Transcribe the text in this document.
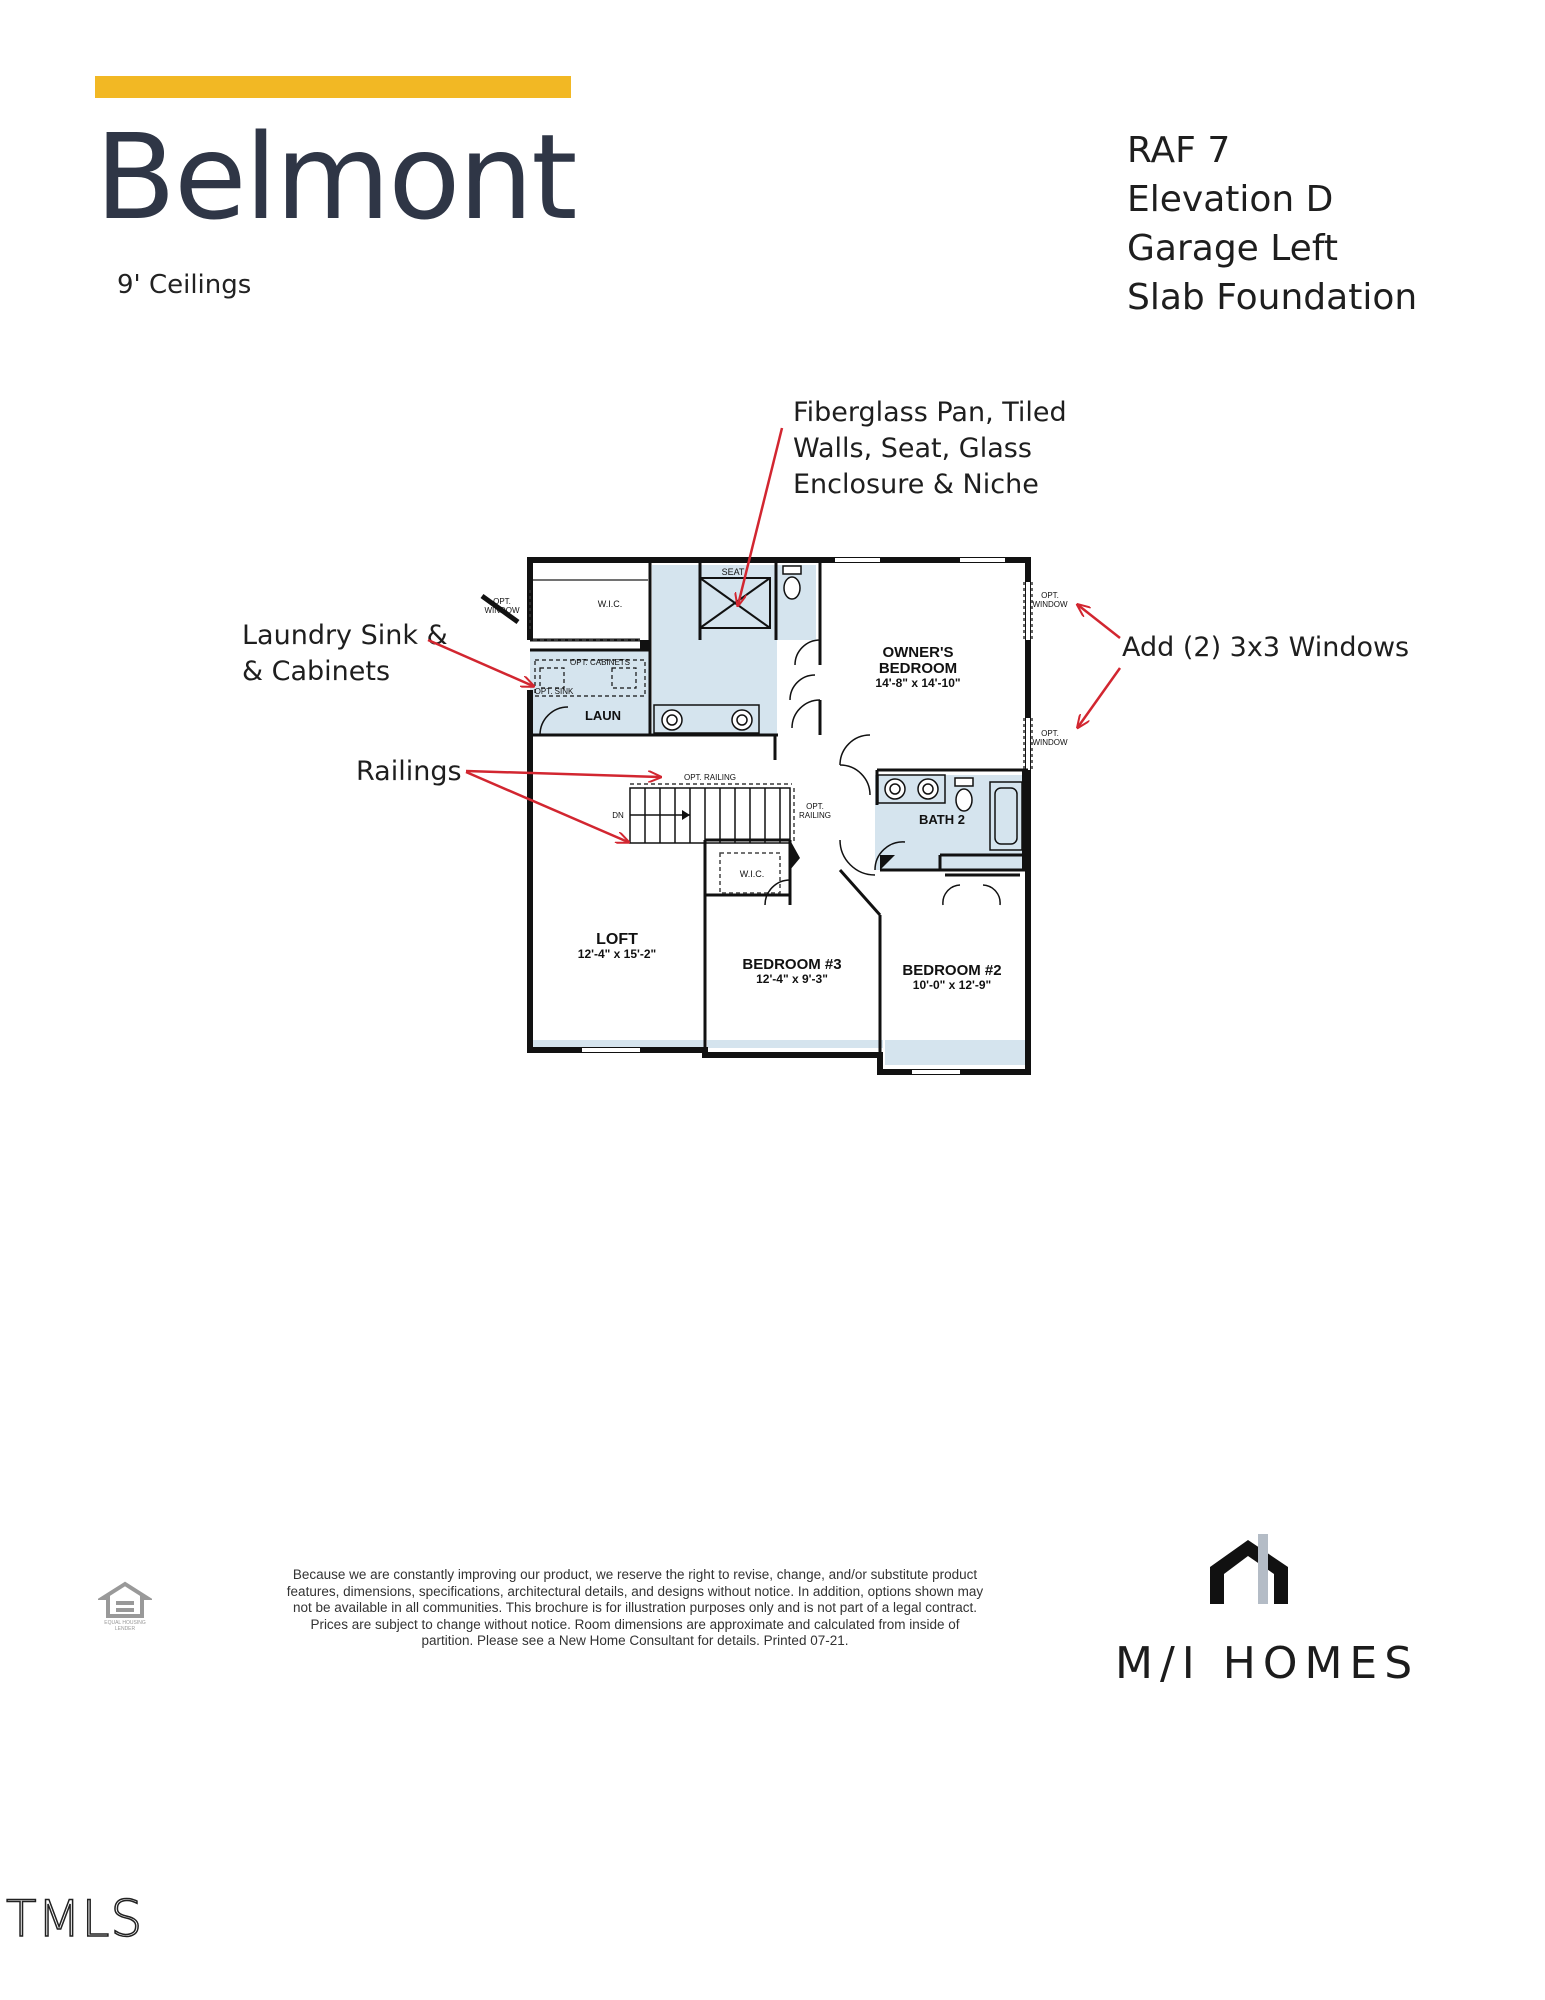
Belmont
9' Ceilings
RAF 7
Elevation D
Garage Left
Slab Foundation
Fiberglass Pan, Tiled
Walls, Seat, Glass
Enclosure & Niche
Laundry Sink &
& Cabinets
Railings
Add (2) 3x3 Windows
OWNER'S
BEDROOM
14'-8" x 14'-10"
LOFT
12'-4" x 15'-2"
BEDROOM #3
12'-4" x 9'-3"	BEDROOM #2
10'-0" x 12'-9"
BATH 2
LAUN
W.I.C.
W.I.C.
SEAT
OPT. CABINETS
OPT. SINK
OPT. RAILING
OPT.
RAILING
DN
OPT.
WINDOW
OPT.
WINDOW
OPT.
WINDOW
EQUAL HOUSING
LENDER
Because we are constantly improving our product, we reserve the right to revise, change, and/or substitute product
features, dimensions, specifications, architectural details, and designs without notice. In addition, options shown may
not be available in all communities. This brochure is for illustration purposes only and is not part of a legal contract.
Prices are subject to change without notice. Room dimensions are approximate and calculated from inside of
partition. Please see a New Home Consultant for details. Printed 07-21.	M/I HOMES
TMLS
